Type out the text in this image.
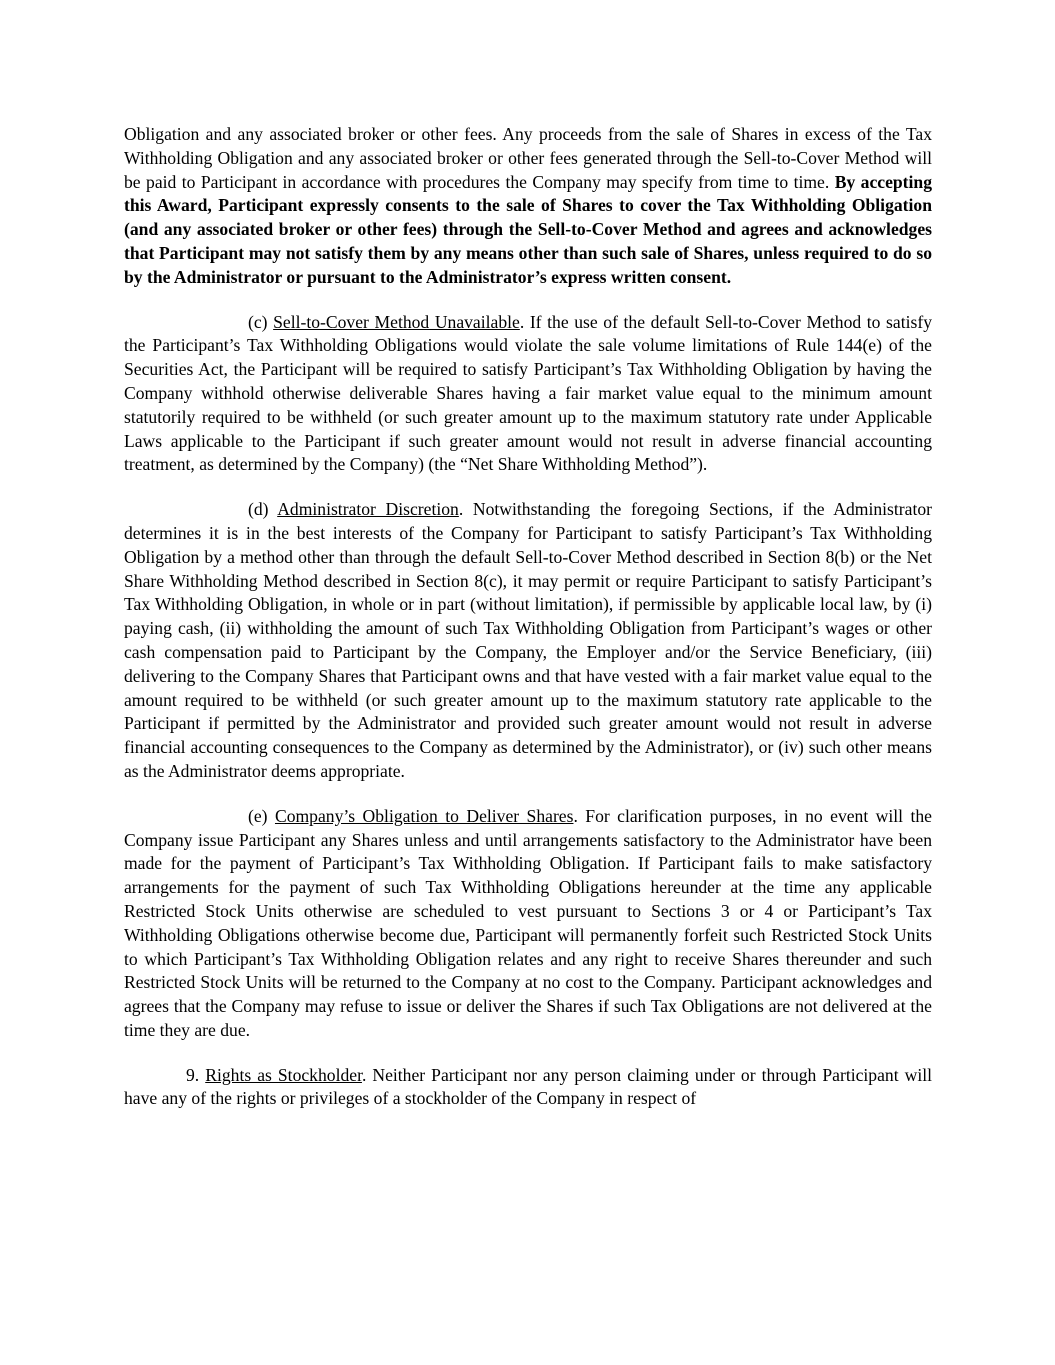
Obligation and any associated broker or other fees. Any proceeds from the sale of Shares in excess of the Tax Withholding Obligation and any associated broker or other fees generated through the Sell-to-Cover Method will be paid to Participant in accordance with procedures the Company may specify from time to time. By accepting this Award, Participant expressly consents to the sale of Shares to cover the Tax Withholding Obligation (and any associated broker or other fees) through the Sell-to-Cover Method and agrees and acknowledges that Participant may not satisfy them by any means other than such sale of Shares, unless required to do so by the Administrator or pursuant to the Administrator’s express written consent.

(c) Sell-to-Cover Method Unavailable. If the use of the default Sell-to-Cover Method to satisfy the Participant’s Tax Withholding Obligations would violate the sale volume limitations of Rule 144(e) of the Securities Act, the Participant will be required to satisfy Participant’s Tax Withholding Obligation by having the Company withhold otherwise deliverable Shares having a fair market value equal to the minimum amount statutorily required to be withheld (or such greater amount up to the maximum statutory rate under Applicable Laws applicable to the Participant if such greater amount would not result in adverse financial accounting treatment, as determined by the Company) (the “Net Share Withholding Method”).

(d) Administrator Discretion. Notwithstanding the foregoing Sections, if the Administrator determines it is in the best interests of the Company for Participant to satisfy Participant’s Tax Withholding Obligation by a method other than through the default Sell-to-Cover Method described in Section 8(b) or the Net Share Withholding Method described in Section 8(c), it may permit or require Participant to satisfy Participant’s Tax Withholding Obligation, in whole or in part (without limitation), if permissible by applicable local law, by (i) paying cash, (ii) withholding the amount of such Tax Withholding Obligation from Participant’s wages or other cash compensation paid to Participant by the Company, the Employer and/or the Service Beneficiary, (iii) delivering to the Company Shares that Participant owns and that have vested with a fair market value equal to the amount required to be withheld (or such greater amount up to the maximum statutory rate applicable to the Participant if permitted by the Administrator and provided such greater amount would not result in adverse financial accounting consequences to the Company as determined by the Administrator), or (iv) such other means as the Administrator deems appropriate.

(e) Company’s Obligation to Deliver Shares. For clarification purposes, in no event will the Company issue Participant any Shares unless and until arrangements satisfactory to the Administrator have been made for the payment of Participant’s Tax Withholding Obligation. If Participant fails to make satisfactory arrangements for the payment of such Tax Withholding Obligations hereunder at the time any applicable Restricted Stock Units otherwise are scheduled to vest pursuant to Sections 3 or 4 or Participant’s Tax Withholding Obligations otherwise become due, Participant will permanently forfeit such Restricted Stock Units to which Participant’s Tax Withholding Obligation relates and any right to receive Shares thereunder and such Restricted Stock Units will be returned to the Company at no cost to the Company. Participant acknowledges and agrees that the Company may refuse to issue or deliver the Shares if such Tax Obligations are not delivered at the time they are due.

9. Rights as Stockholder. Neither Participant nor any person claiming under or through Participant will have any of the rights or privileges of a stockholder of the Company in respect of
